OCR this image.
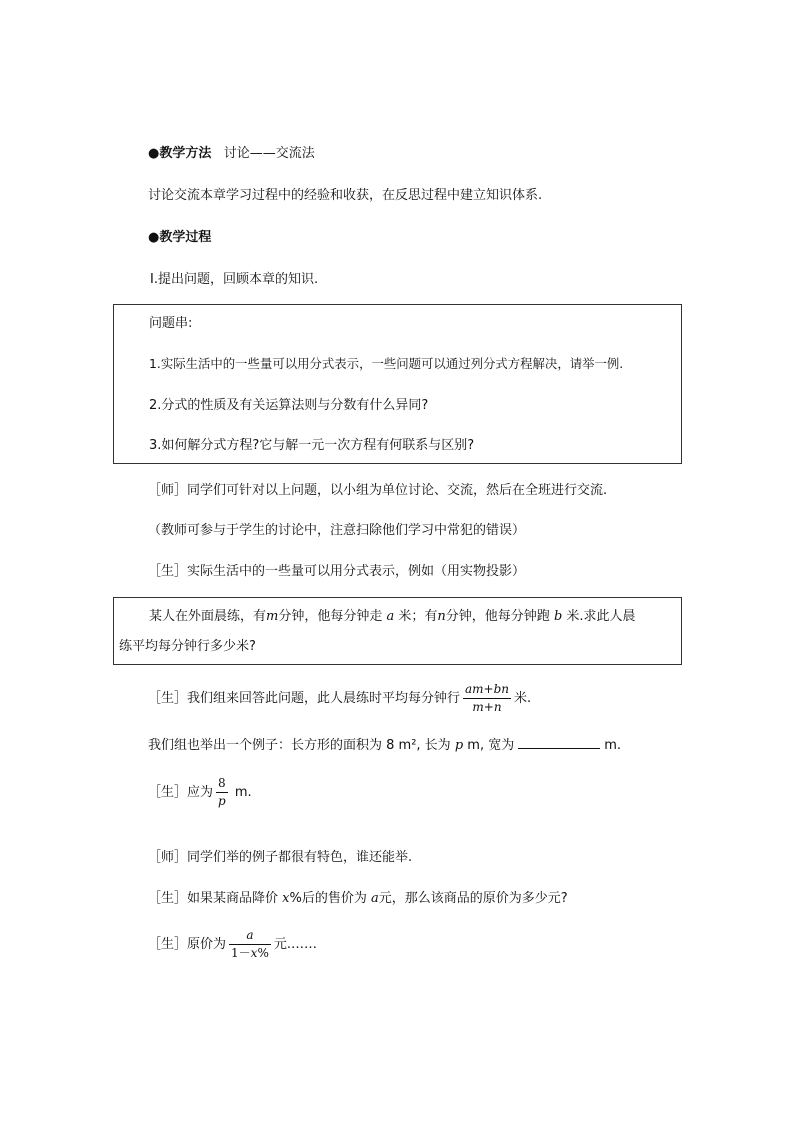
●教学方法 讨论——交流法
讨论交流本章学习过程中的经验和收获，在反思过程中建立知识体系.
●教学过程
Ⅰ.提出问题，回顾本章的知识.
问题串:
1.实际生活中的一些量可以用分式表示，一些问题可以通过列分式方程解决，请举一例.
2.分式的性质及有关运算法则与分数有什么异同?
3.如何解分式方程?它与解一元一次方程有何联系与区别?
［师］同学们可针对以上问题，以小组为单位讨论、交流，然后在全班进行交流.
（教师可参与于学生的讨论中，注意扫除他们学习中常犯的错误）
［生］实际生活中的一些量可以用分式表示，例如（用实物投影）
某人在外面晨练，有m分钟，他每分钟走 a 米；有n分钟，他每分钟跑 b 米.求此人晨
练平均每分钟行多少米?
［生］我们组来回答此问题，此人晨练时平均每分钟行 $\frac{am+bn}{m+n}$ 米.
我们组也举出一个例子：长方形的面积为 8 m², 长为 p m, 宽为	m.
［生］应为 $\frac{8}{p} m$.
［师］同学们举的例子都很有特色，谁还能举.
［生］如果某商品降价 x%后的售价为 a元，那么该商品的原价为多少元?
［生］原价为 $\frac{a}{1-x\%}$ 元.……
